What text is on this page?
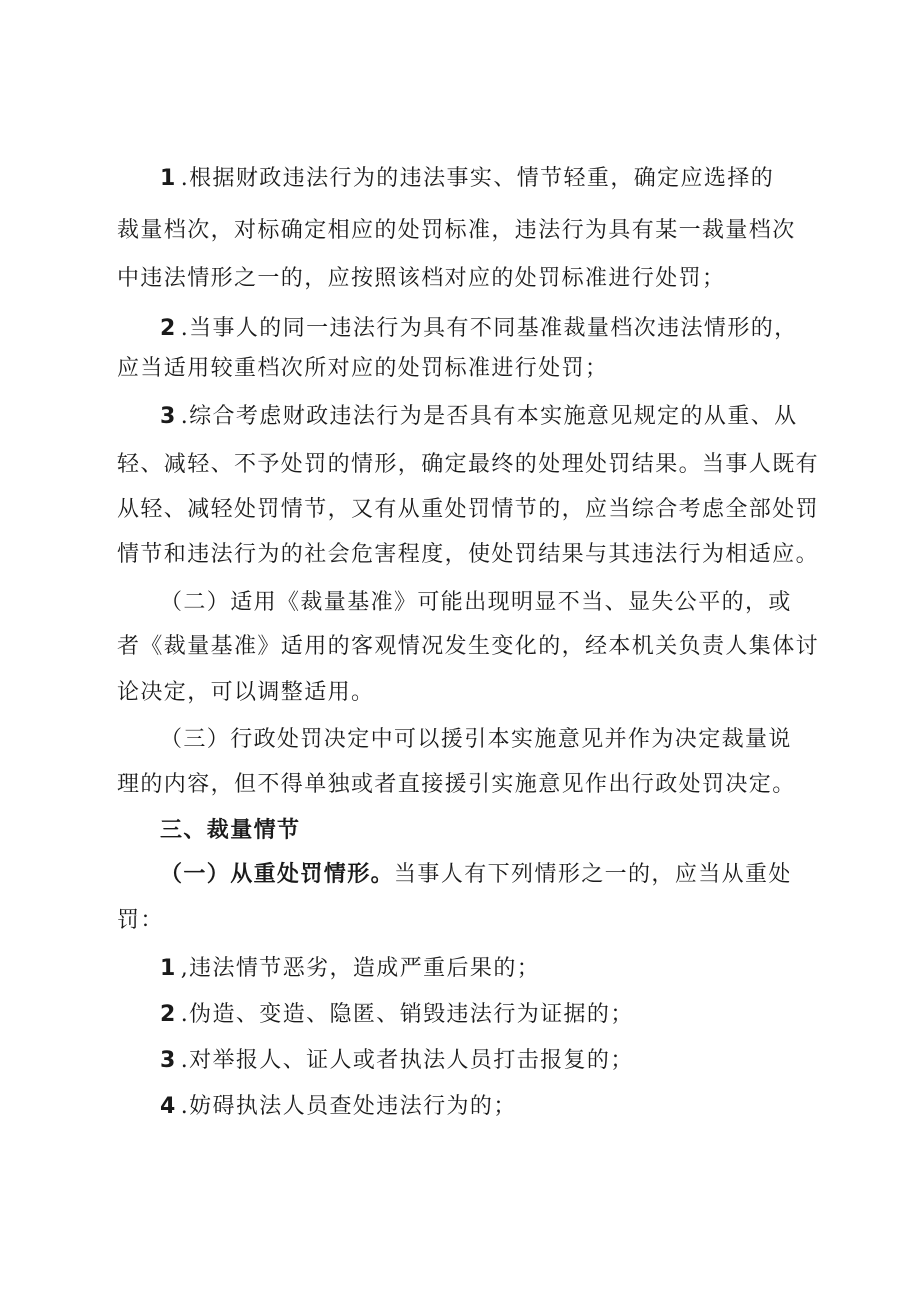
1 .根据财政违法行为的违法事实、情节轻重，确定应选择的
裁量档次，对标确定相应的处罚标准，违法行为具有某一裁量档次
中违法情形之一的，应按照该档对应的处罚标准进行处罚；
2 .当事人的同一违法行为具有不同基准裁量档次违法情形的，
应当适用较重档次所对应的处罚标准进行处罚；
3 .综合考虑财政违法行为是否具有本实施意见规定的从重、从
轻、减轻、不予处罚的情形，确定最终的处理处罚结果。当事人既有
从轻、减轻处罚情节，又有从重处罚情节的，应当综合考虑全部处罚
情节和违法行为的社会危害程度，使处罚结果与其违法行为相适应。
（二）适用《裁量基准》可能出现明显不当、显失公平的，或
者《裁量基准》适用的客观情况发生变化的，经本机关负责人集体讨
论决定，可以调整适用。
（三）行政处罚决定中可以援引本实施意见并作为决定裁量说
理的内容，但不得单独或者直接援引实施意见作出行政处罚决定。
三、裁量情节
（一）从重处罚情形。当事人有下列情形之一的，应当从重处
罚：
1 ,违法情节恶劣，造成严重后果的；
2 .伪造、变造、隐匿、销毁违法行为证据的；
3 .对举报人、证人或者执法人员打击报复的；
4 .妨碍执法人员查处违法行为的；
